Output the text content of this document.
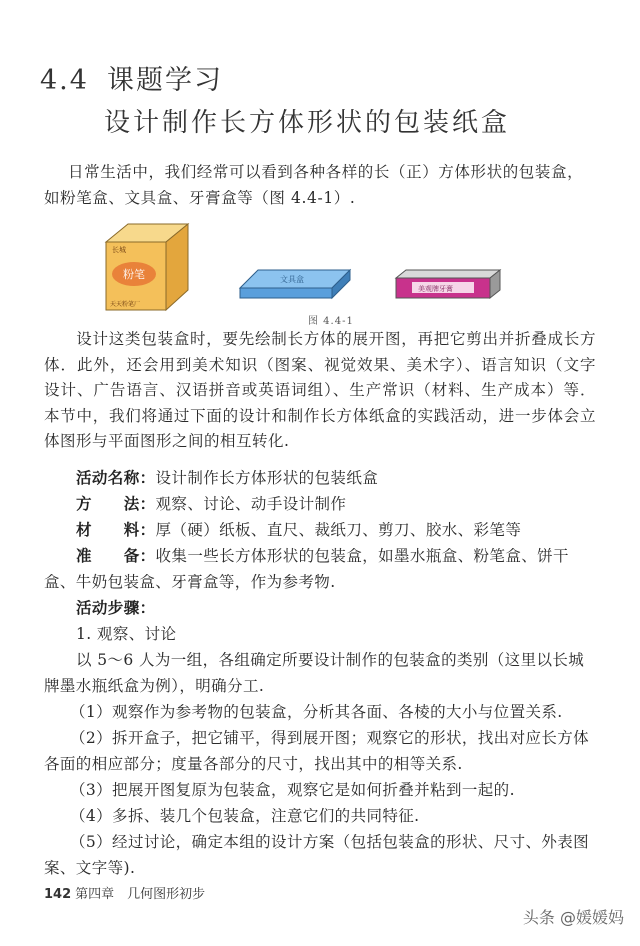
4.4 课题学习
设计制作长方体形状的包装纸盒
日常生活中，我们经常可以看到各种各样的长（正）方体形状的包装盒，
如粉笔盒、文具盒、牙膏盒等（图 4.4-1）.
长城
粉笔
天天粉笔厂
文具盒
美观牌牙膏
图 4.4-1
设计这类包装盒时，要先绘制长方体的展开图，再把它剪出并折叠成长方体．此外，还会用到美术知识（图案、视觉效果、美术字）、语言知识（文字设计、广告语言、汉语拼音或英语词组）、生产常识（材料、生产成本）等．本节中，我们将通过下面的设计和制作长方体纸盒的实践活动，进一步体会立体图形与平面图形之间的相互转化.
活动名称：设计制作长方体形状的包装纸盒
方　　法：观察、讨论、动手设计制作
材　　料：厚（硬）纸板、直尺、裁纸刀、剪刀、胶水、彩笔等
准　　备：收集一些长方体形状的包装盒，如墨水瓶盒、粉笔盒、饼干
盒、牛奶包装盒、牙膏盒等，作为参考物.
活动步骤：
1. 观察、讨论
以 5～6 人为一组，各组确定所要设计制作的包装盒的类别（这里以长城
牌墨水瓶纸盒为例），明确分工.
（1）观察作为参考物的包装盒，分析其各面、各棱的大小与位置关系.
（2）拆开盒子，把它铺平，得到展开图；观察它的形状，找出对应长方体
各面的相应部分；度量各部分的尺寸，找出其中的相等关系.
（3）把展开图复原为包装盒，观察它是如何折叠并粘到一起的.
（4）多拆、装几个包装盒，注意它们的共同特征.
（5）经过讨论，确定本组的设计方案（包括包装盒的形状、尺寸、外表图
案、文字等).
142 第四章　几何图形初步
头条 @媛媛妈
